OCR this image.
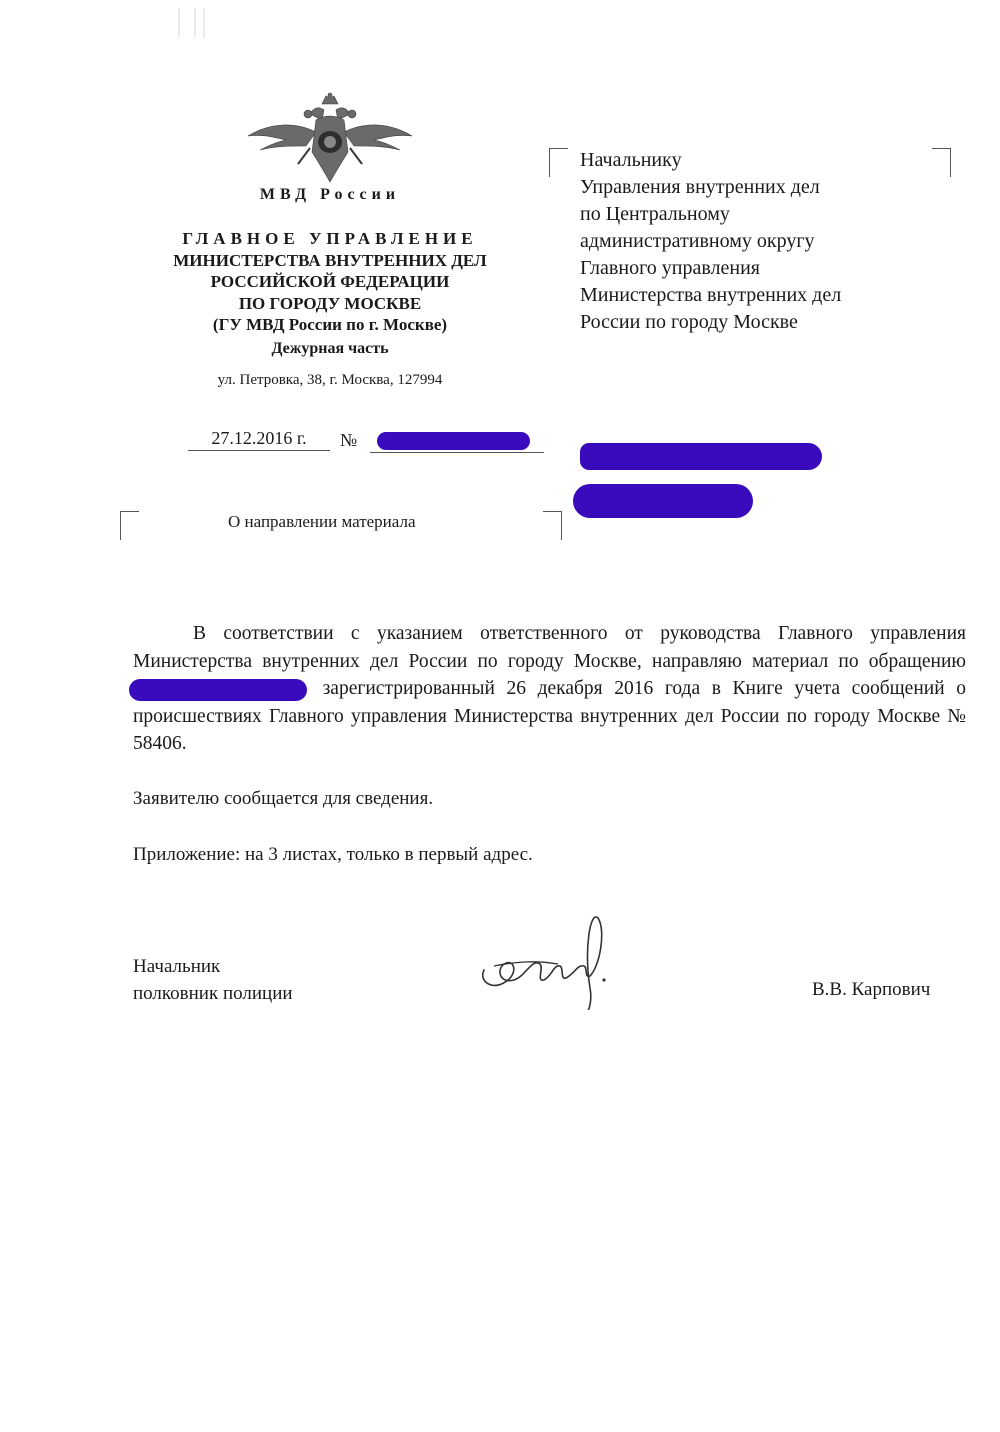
МВД России
ГЛАВНОЕ УПРАВЛЕНИЕ
МИНИСТЕРСТВА ВНУТРЕННИХ ДЕЛ
РОССИЙСКОЙ ФЕДЕРАЦИИ
ПО ГОРОДУ МОСКВЕ
(ГУ МВД России по г. Москве)
Дежурная часть
ул. Петровка, 38, г. Москва, 127994
27.12.2016 г.	№
Начальнику
Управления внутренних дел
по Центральному
административному округу
Главного управления
Министерства внутренних дел
России по городу Москве
О направлении материала
В соответствии с указанием ответственного от руководства Главного управления Министерства внутренних дел России по городу Москве, направляю материал по обращению зарегистрированный 26 декабря 2016 года в Книге учета сообщений о происшествиях Главного управления Министерства внутренних дел России по городу Москве № 58406.
Заявителю сообщается для сведения.
Приложение: на 3 листах, только в первый адрес.
Начальник
полковник полиции	В.В. Карпович
